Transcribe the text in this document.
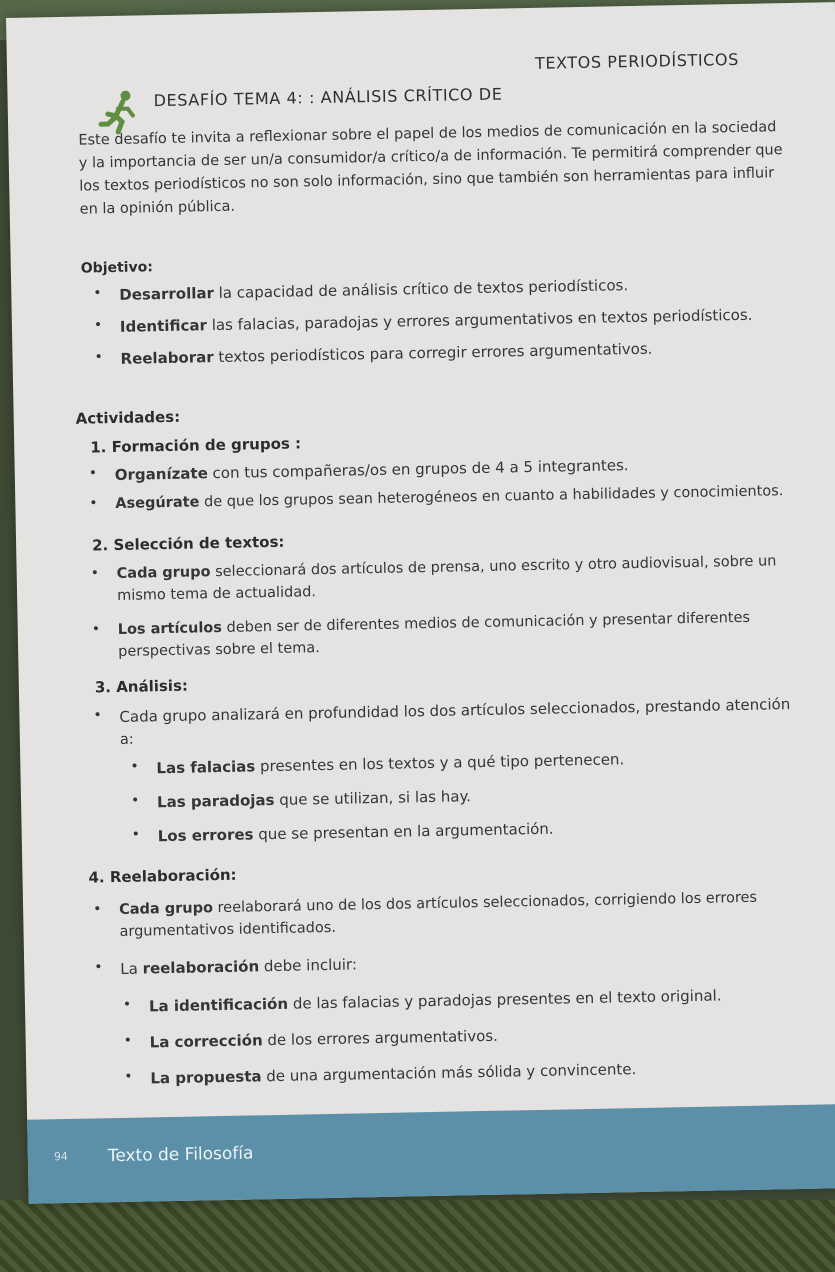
DESAFÍO TEMA 4: : ANÁLISIS CRÍTICO DE
TEXTOS PERIODÍSTICOS
Este desafío te invita a reflexionar sobre el papel de los medios de comunicación en la sociedad
y la importancia de ser un/a consumidor/a crítico/a de información. Te permitirá comprender que
los textos periodísticos no son solo información, sino que también son herramientas para influir
en la opinión pública.
Objetivo:
• Desarrollar la capacidad de análisis crítico de textos periodísticos.
• Identificar las falacias, paradojas y errores argumentativos en textos periodísticos.
• Reelaborar textos periodísticos para corregir errores argumentativos.
Actividades:
1. Formación de grupos :
• Organízate con tus compañeras/os en grupos de 4 a 5 integrantes.
• Asegúrate de que los grupos sean heterogéneos en cuanto a habilidades y conocimientos.
2. Selección de textos:
• Cada grupo seleccionará dos artículos de prensa, uno escrito y otro audiovisual, sobre un
mismo tema de actualidad.
• Los artículos deben ser de diferentes medios de comunicación y presentar diferentes
perspectivas sobre el tema.
3. Análisis:
• Cada grupo analizará en profundidad los dos artículos seleccionados, prestando atención
a:
• Las falacias presentes en los textos y a qué tipo pertenecen.
• Las paradojas que se utilizan, si las hay.
• Los errores que se presentan en la argumentación.
4. Reelaboración:
• Cada grupo reelaborará uno de los dos artículos seleccionados, corrigiendo los errores
argumentativos identificados.
• La reelaboración debe incluir:
• La identificación de las falacias y paradojas presentes en el texto original.
• La corrección de los errores argumentativos.
• La propuesta de una argumentación más sólida y convincente.
94 Texto de Filosofía
